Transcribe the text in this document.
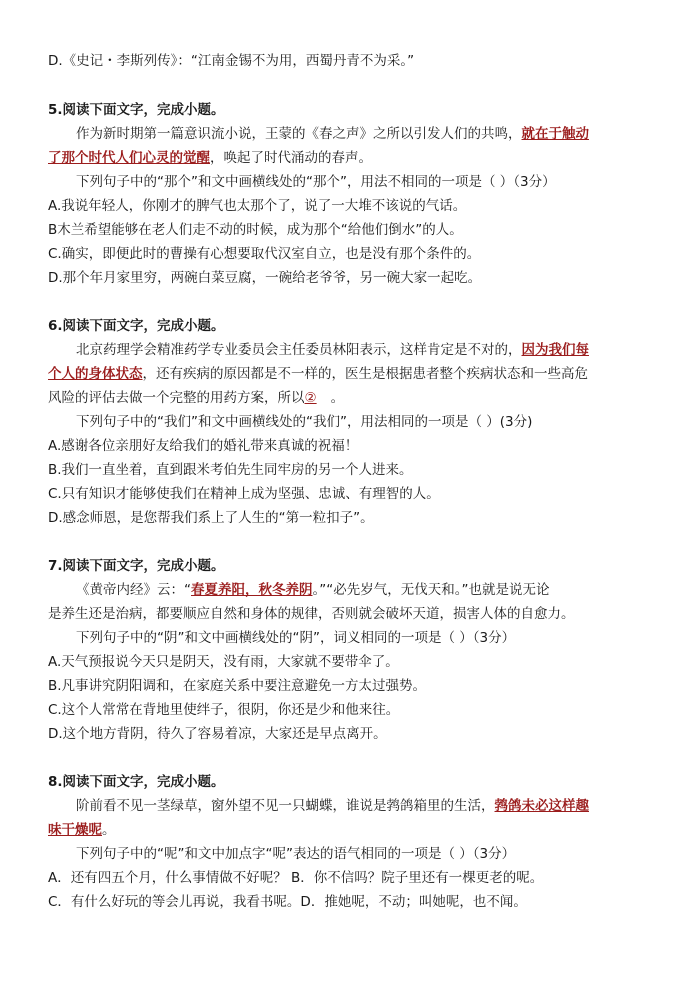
D.《史记・李斯列传》：“江南金锡不为用，西蜀丹青不为采。”
5.阅读下面文字，完成小题。
作为新时期第一篇意识流小说，王蒙的《春之声》之所以引发人们的共鸣，就在于触动
了那个时代人们心灵的觉醒，唤起了时代涌动的春声。
下列句子中的“那个”和文中画横线处的“那个”，用法不相同的一项是（ ）（3分）
A.我说年轻人，你刚才的脾气也太那个了，说了一大堆不该说的气话。
B木兰希望能够在老人们走不动的时候，成为那个“给他们倒水”的人。
C.确实，即便此时的曹操有心想要取代汉室自立，也是没有那个条件的。
D.那个年月家里穷，两碗白菜豆腐，一碗给老爷爷，另一碗大家一起吃。
6.阅读下面文字，完成小题。
北京药理学会精准药学专业委员会主任委员林阳表示，这样肯定是不对的，因为我们每
个人的身体状态，还有疾病的原因都是不一样的，医生是根据患者整个疾病状态和一些高危
风险的评估去做一个完整的用药方案，所以② 。
下列句子中的“我们”和文中画横线处的“我们”，用法相同的一项是（ ）(3分)
A.感谢各位亲朋好友给我们的婚礼带来真诚的祝福！
B.我们一直坐着，直到跟米考伯先生同牢房的另一个人进来。
C.只有知识才能够使我们在精神上成为坚强、忠诚、有理智的人。
D.感念师恩，是您帮我们系上了人生的“第一粒扣子”。
7.阅读下面文字，完成小题。
《黄帝内经》云：“春夏养阳，秋冬养阴。”“必先岁气，无伐天和。”也就是说无论
是养生还是治病，都要顺应自然和身体的规律，否则就会破坏天道，损害人体的自愈力。
下列句子中的“阴”和文中画横线处的“阴”，词义相同的一项是（ ）（3分）
A.天气预报说今天只是阴天，没有雨，大家就不要带伞了。
B.凡事讲究阴阳调和，在家庭关系中要注意避免一方太过强势。
C.这个人常常在背地里使绊子，很阴，你还是少和他来往。
D.这个地方背阴，待久了容易着凉，大家还是早点离开。
8.阅读下面文字，完成小题。
阶前看不见一茎绿草，窗外望不见一只蝴蝶，谁说是鹁鸽箱里的生活，鹁鸽未必这样趣
味干燥呢。
下列句子中的“呢”和文中加点字“呢”表达的语气相同的一项是（ ）（3分）
A．还有四五个月，什么事情做不好呢？ B．你不信吗？院子里还有一棵更老的呢。
C．有什么好玩的等会儿再说，我看书呢。D．推她呢，不动；叫她呢，也不闻。
